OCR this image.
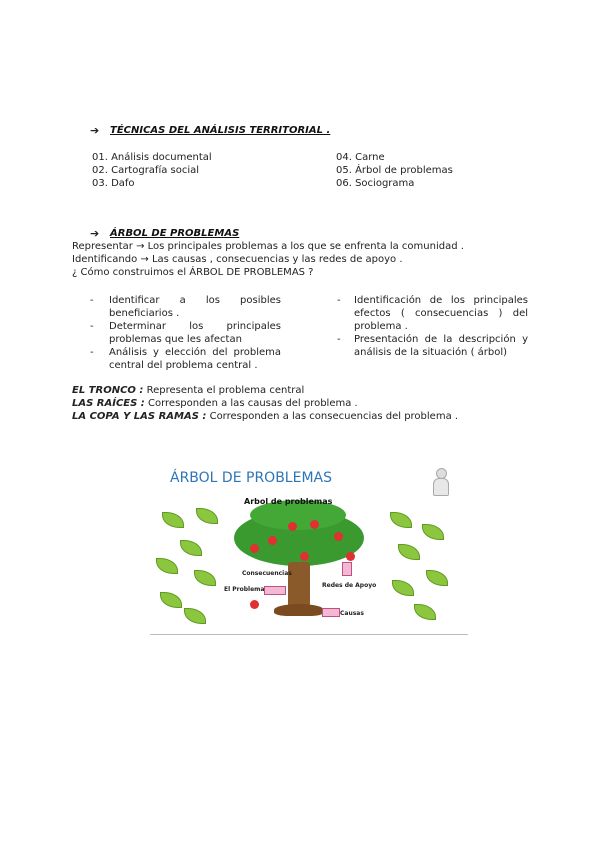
➔ TÉCNICAS DEL ANÁLISIS TERRITORIAL .
01. Análisis documental
02. Cartografía social
03. Dafo
04. Carne
05. Árbol de problemas
06. Sociograma
➔ ÁRBOL DE PROBLEMAS
Representar → Los principales problemas a los que se enfrenta la comunidad .
Identificando → Las causas , consecuencias y las redes de apoyo .
¿ Cómo construimos el ÁRBOL DE PROBLEMAS ?
- Identificar a los posibles beneficiarios .
- Determinar los principales problemas que les afectan
- Análisis y elección del problema central del problema central .
- Identificación de los principales efectos ( consecuencias ) del problema .
- Presentación de la descripción y análisis de la situación ( árbol)
EL TRONCO : Representa el problema central
LAS RAÍCES : Corresponden a las causas del problema .
LA COPA Y LAS RAMAS : Corresponden a las consecuencias del problema .
ÁRBOL DE PROBLEMAS
Arbol de problemas
Consecuencias
El Problema
Redes de Apoyo
Causas
